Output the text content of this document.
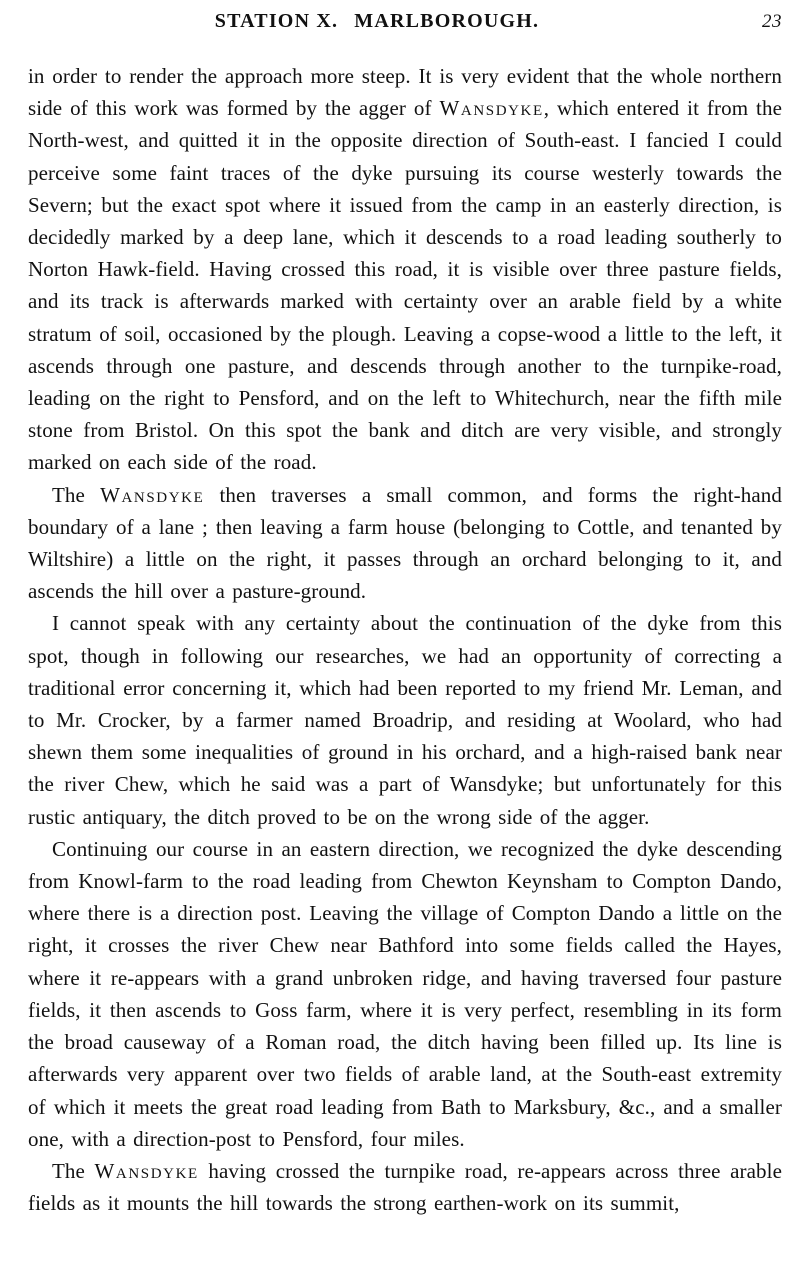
STATION X. MARLBOROUGH.	23

in order to render the approach more steep. It is very evident that the whole northern side of this work was formed by the agger of Wansdyke, which entered it from the North-west, and quitted it in the opposite direction of South-east. I fancied I could perceive some faint traces of the dyke pursuing its course westerly towards the Severn; but the exact spot where it issued from the camp in an easterly direction, is decidedly marked by a deep lane, which it descends to a road leading southerly to Norton Hawk-field. Having crossed this road, it is visible over three pasture fields, and its track is afterwards marked with certainty over an arable field by a white stratum of soil, occasioned by the plough. Leaving a copse-wood a little to the left, it ascends through one pasture, and descends through another to the turnpike-road, leading on the right to Pensford, and on the left to Whitechurch, near the fifth mile stone from Bristol. On this spot the bank and ditch are very visible, and strongly marked on each side of the road.

The Wansdyke then traverses a small common, and forms the right-hand boundary of a lane ; then leaving a farm house (belonging to Cottle, and tenanted by Wiltshire) a little on the right, it passes through an orchard belonging to it, and ascends the hill over a pasture-ground.

I cannot speak with any certainty about the continuation of the dyke from this spot, though in following our researches, we had an opportunity of correcting a traditional error concerning it, which had been reported to my friend Mr. Leman, and to Mr. Crocker, by a farmer named Broadrip, and residing at Woolard, who had shewn them some inequalities of ground in his orchard, and a high-raised bank near the river Chew, which he said was a part of Wansdyke; but unfortunately for this rustic antiquary, the ditch proved to be on the wrong side of the agger.

Continuing our course in an eastern direction, we recognized the dyke descending from Knowl-farm to the road leading from Chewton Keynsham to Compton Dando, where there is a direction post. Leaving the village of Compton Dando a little on the right, it crosses the river Chew near Bathford into some fields called the Hayes, where it re-appears with a grand unbroken ridge, and having traversed four pasture fields, it then ascends to Goss farm, where it is very perfect, resembling in its form the broad causeway of a Roman road, the ditch having been filled up. Its line is afterwards very apparent over two fields of arable land, at the South-east extremity of which it meets the great road leading from Bath to Marksbury, &c., and a smaller one, with a direction-post to Pensford, four miles.

The Wansdyke having crossed the turnpike road, re-appears across three arable fields as it mounts the hill towards the strong earthen-work on its summit,
